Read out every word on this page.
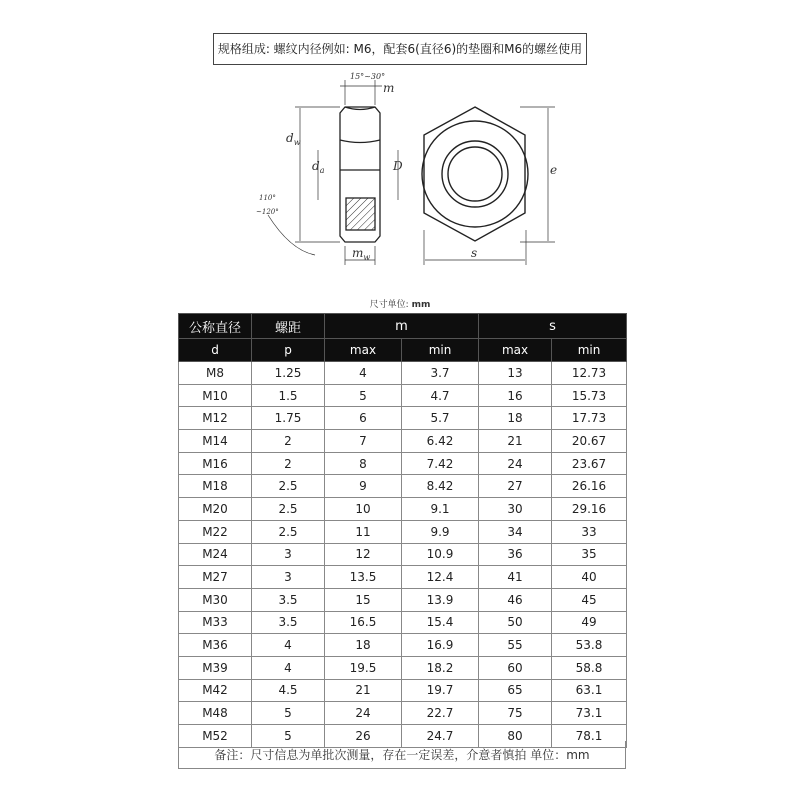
规格组成: 螺纹内径例如: M6，配套6(直径6)的垫圈和M6的螺丝使用
15°~30°
m
$d_w$
$d_a$	D
110°
~120°
$m_w$
e
s
尺寸单位: mm
公称直径	螺距	m		s	
d	p	max	min	max	min
M8	1.25	4	3.7	13	12.73
M10	1.5	5	4.7	16	15.73
M12	1.75	6	5.7	18	17.73
M14	2	7	6.42	21	20.67
M16	2	8	7.42	24	23.67
M18	2.5	9	8.42	27	26.16
M20	2.5	10	9.1	30	29.16
M22	2.5	11	9.9	34	33
M24	3	12	10.9	36	35
M27	3	13.5	12.4	41	40
M30	3.5	15	13.9	46	45
M33	3.5	16.5	15.4	50	49
M36	4	18	16.9	55	53.8
M39	4	19.5	18.2	60	58.8
M42	4.5	21	19.7	65	63.1
M48	5	24	22.7	75	73.1
M52	5	26	24.7	80	78.1
备注：尺寸信息为单批次测量，存在一定误差，介意者慎拍 单位：mm
